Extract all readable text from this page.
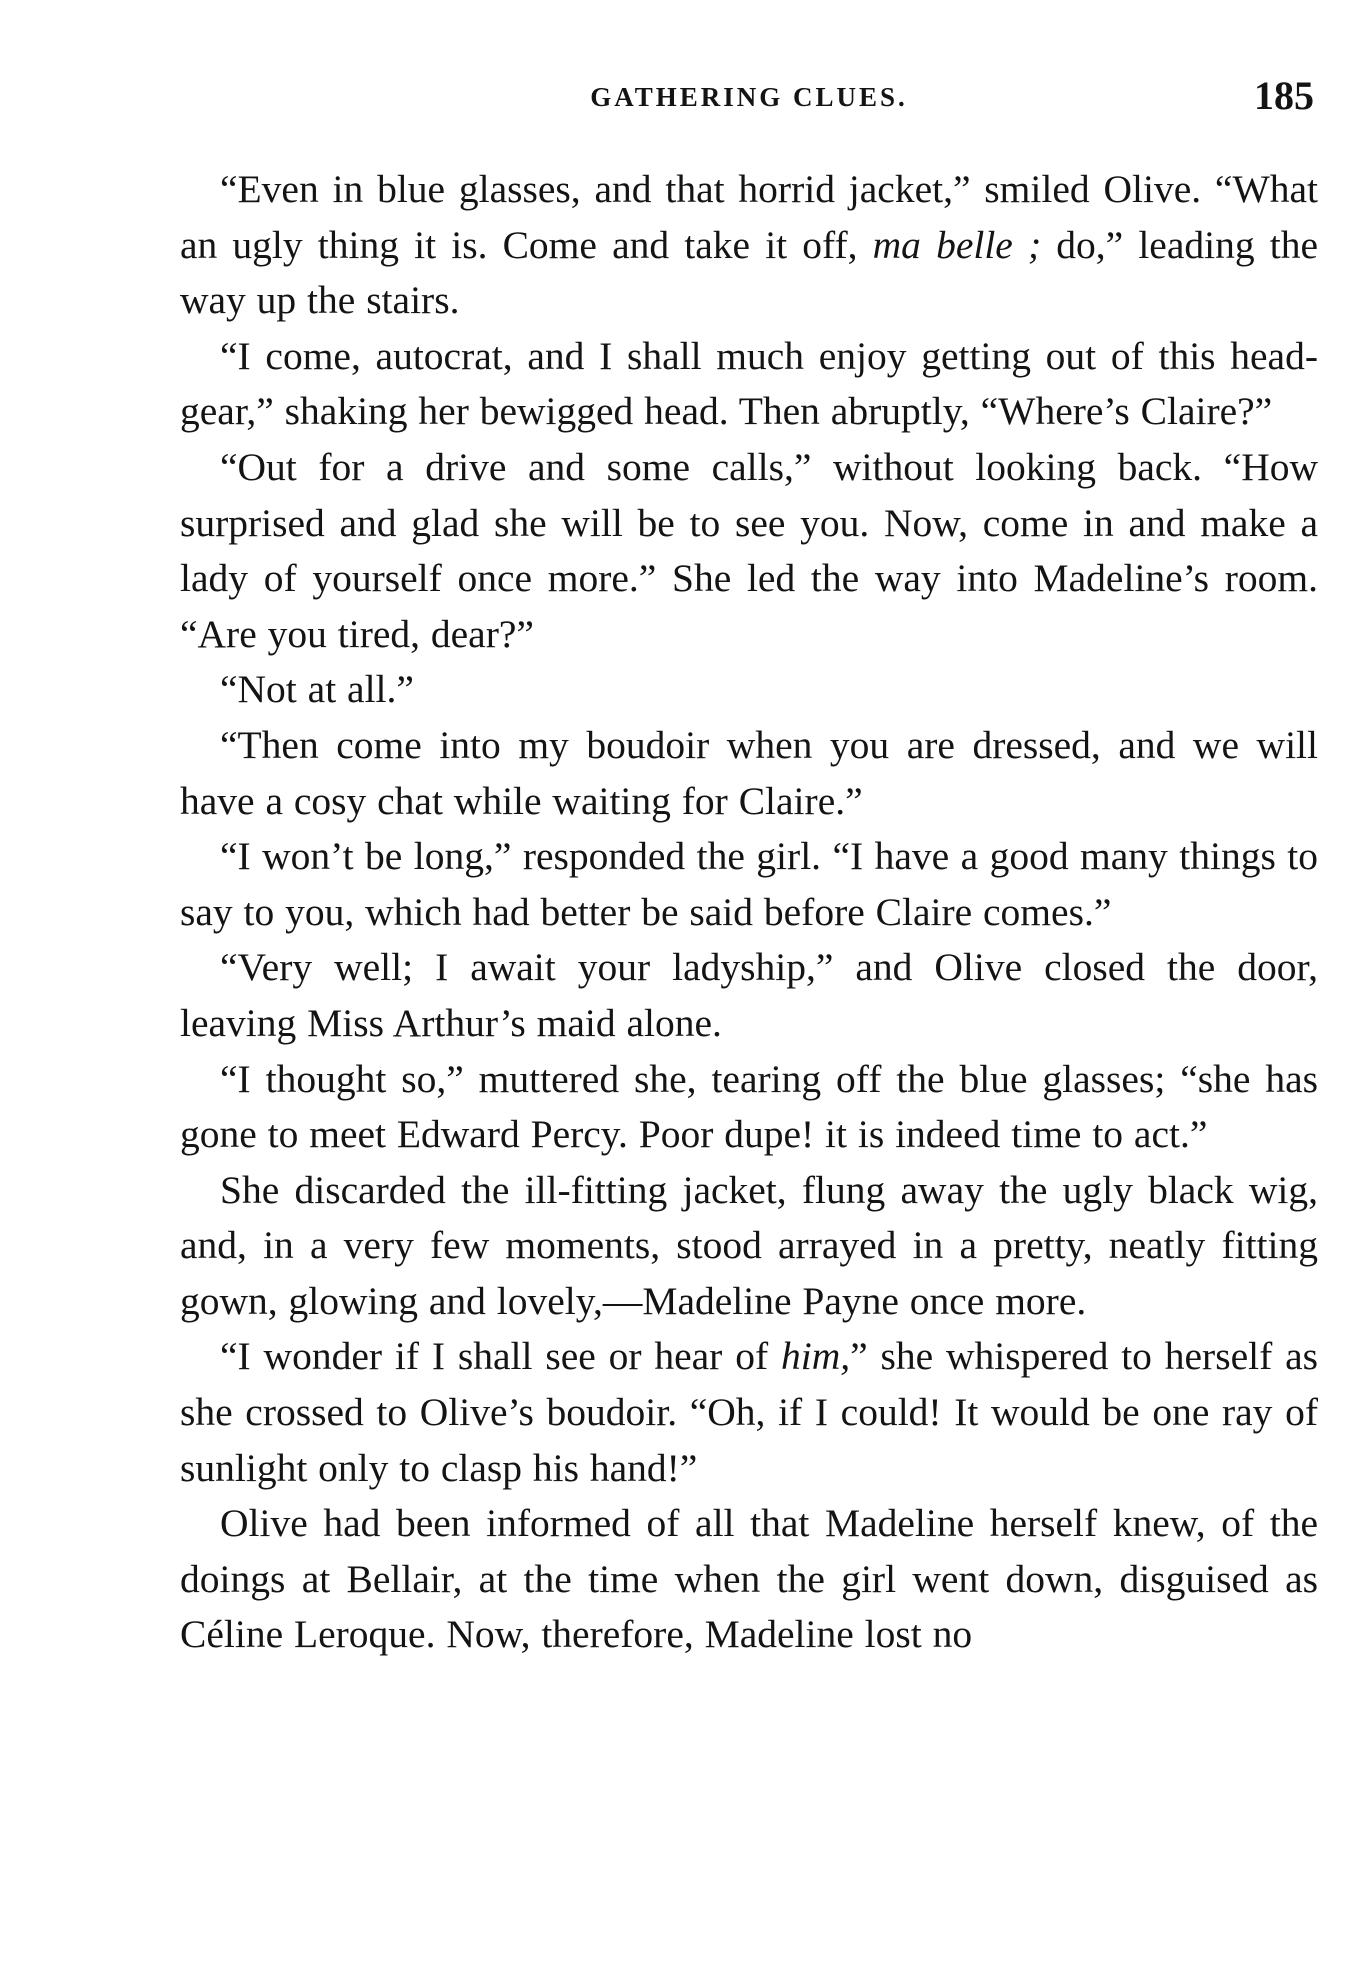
GATHERING CLUES.	185

“Even in blue glasses, and that horrid jacket,” smiled Olive. “What an ugly thing it is. Come and take it off, ma belle ; do,” leading the way up the stairs.

“I come, autocrat, and I shall much enjoy getting out of this head-gear,” shaking her bewigged head. Then abruptly, “Where’s Claire?”

“Out for a drive and some calls,” without looking back. “How surprised and glad she will be to see you. Now, come in and make a lady of yourself once more.” She led the way into Madeline’s room. “Are you tired, dear?”

“Not at all.”

“Then come into my boudoir when you are dressed, and we will have a cosy chat while waiting for Claire.”

“I won’t be long,” responded the girl. “I have a good many things to say to you, which had better be said before Claire comes.”

“Very well; I await your ladyship,” and Olive closed the door, leaving Miss Arthur’s maid alone.

“I thought so,” muttered she, tearing off the blue glasses; “she has gone to meet Edward Percy. Poor dupe! it is indeed time to act.”

She discarded the ill-fitting jacket, flung away the ugly black wig, and, in a very few moments, stood arrayed in a pretty, neatly fitting gown, glowing and lovely,—Madeline Payne once more.

“I wonder if I shall see or hear of him,” she whispered to herself as she crossed to Olive’s boudoir. “Oh, if I could! It would be one ray of sunlight only to clasp his hand!”

Olive had been informed of all that Madeline herself knew, of the doings at Bellair, at the time when the girl went down, disguised as Céline Leroque. Now, therefore, Madeline lost no
